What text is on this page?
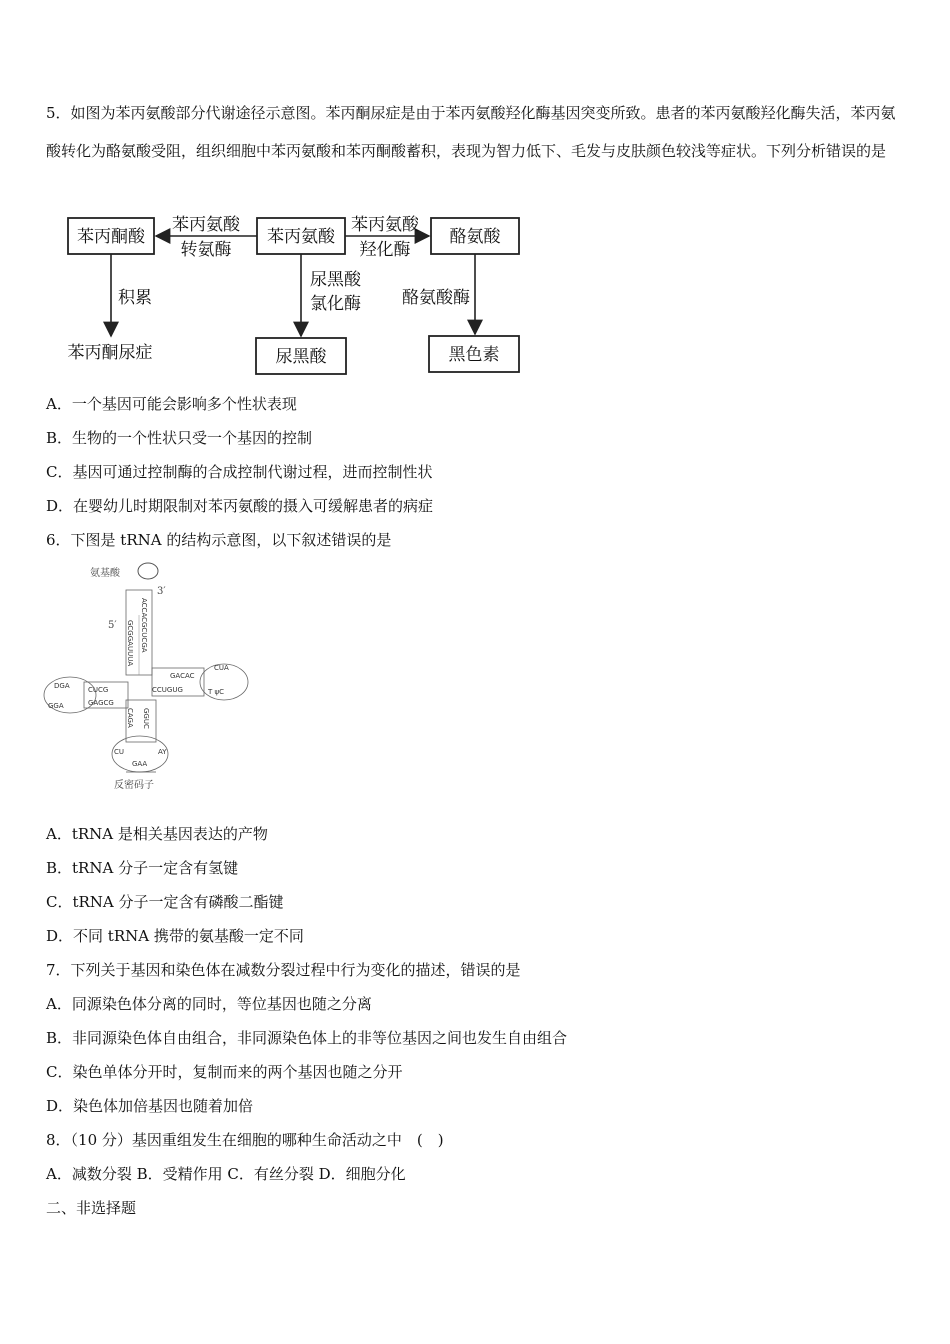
5．如图为苯丙氨酸部分代谢途径示意图。苯丙酮尿症是由于苯丙氨酸羟化酶基因突变所致。患者的苯丙氨酸羟化酶失活，苯丙氨酸转化为酪氨酸受阻，组织细胞中苯丙氨酸和苯丙酮酸蓄积，表现为智力低下、毛发与皮肤颜色较浅等症状。下列分析错误的是
苯丙酮酸	苯丙氨酸	酪氨酸
苯丙氨酸
转氨酶
苯丙氨酸
羟化酶
积累
苯丙酮尿症
尿黑酸
氯化酶
尿黑酸
酪氨酸酶
黑色素
A．一个基因可能会影响多个性状表现
B．生物的一个性状只受一个基因的控制
C．基因可通过控制酶的合成控制代谢过程，进而控制性状
D．在婴幼儿时期限制对苯丙氨酸的摄入可缓解患者的病症
6．下图是 tRNA 的结构示意图，以下叙述错误的是
氨基酸
3′
5′	ACCACGCUCGA
GCGGAUUUA
DGA	CUCG
GAGCG
GGA
GACAC
CCUGUG
CUA
T ψC
CAGA GGUC
CU	AY
GAA
反密码子
A．tRNA 是相关基因表达的产物
B．tRNA 分子一定含有氢键
C．tRNA 分子一定含有磷酸二酯键
D．不同 tRNA 携带的氨基酸一定不同
7．下列关于基因和染色体在减数分裂过程中行为变化的描述，错误的是
A．同源染色体分离的同时，等位基因也随之分离
B．非同源染色体自由组合，非同源染色体上的非等位基因之间也发生自由组合
C．染色单体分开时，复制而来的两个基因也随之分开
D．染色体加倍基因也随着加倍
8．（10 分）基因重组发生在细胞的哪种生命活动之中　(　)
A．减数分裂 B．受精作用 C．有丝分裂 D．细胞分化
二、非选择题
